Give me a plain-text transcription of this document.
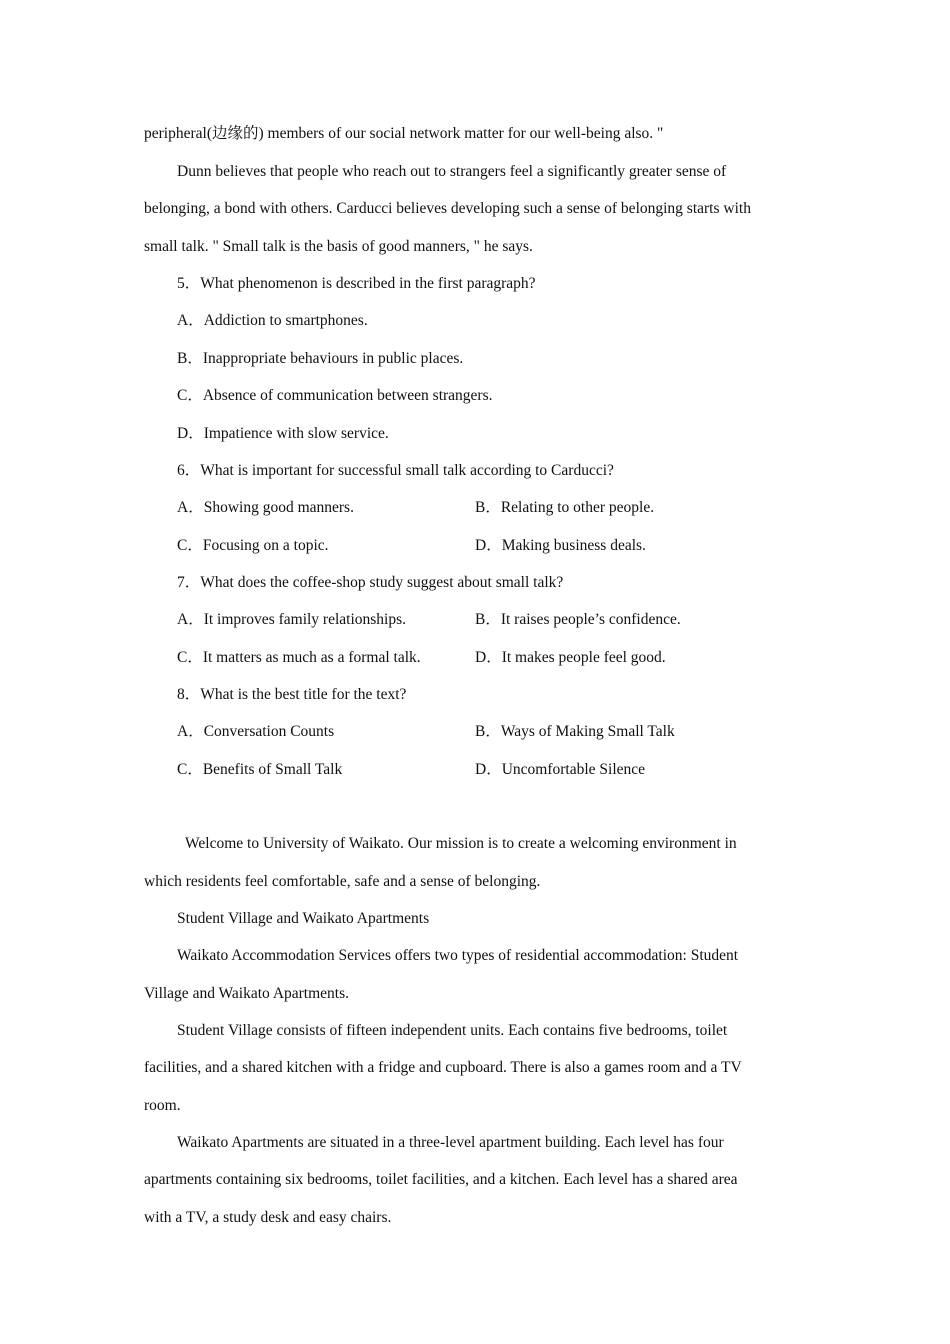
peripheral(边缘的) members of our social network matter for our well-being also. "
Dunn believes that people who reach out to strangers feel a significantly greater sense of
belonging, a bond with others. Carducci believes developing such a sense of belonging starts with
small talk. " Small talk is the basis of good manners, " he says.
5．What phenomenon is described in the first paragraph?
A．Addiction to smartphones.
B．Inappropriate behaviours in public places.
C．Absence of communication between strangers.
D．Impatience with slow service.
6．What is important for successful small talk according to Carducci?
A．Showing good manners.	B．Relating to other people.
C．Focusing on a topic.	D．Making business deals.
7．What does the coffee-shop study suggest about small talk?
A．It improves family relationships.	B．It raises people’s confidence.
C．It matters as much as a formal talk.	D．It makes people feel good.
8．What is the best title for the text?
A．Conversation Counts	B．Ways of Making Small Talk
C．Benefits of Small Talk	D．Uncomfortable Silence
Welcome to University of Waikato. Our mission is to create a welcoming environment in
which residents feel comfortable, safe and a sense of belonging.
Student Village and Waikato Apartments
Waikato Accommodation Services offers two types of residential accommodation: Student
Village and Waikato Apartments.
Student Village consists of fifteen independent units. Each contains five bedrooms, toilet
facilities, and a shared kitchen with a fridge and cupboard. There is also a games room and a TV
room.
Waikato Apartments are situated in a three-level apartment building. Each level has four
apartments containing six bedrooms, toilet facilities, and a kitchen. Each level has a shared area
with a TV, a study desk and easy chairs.
